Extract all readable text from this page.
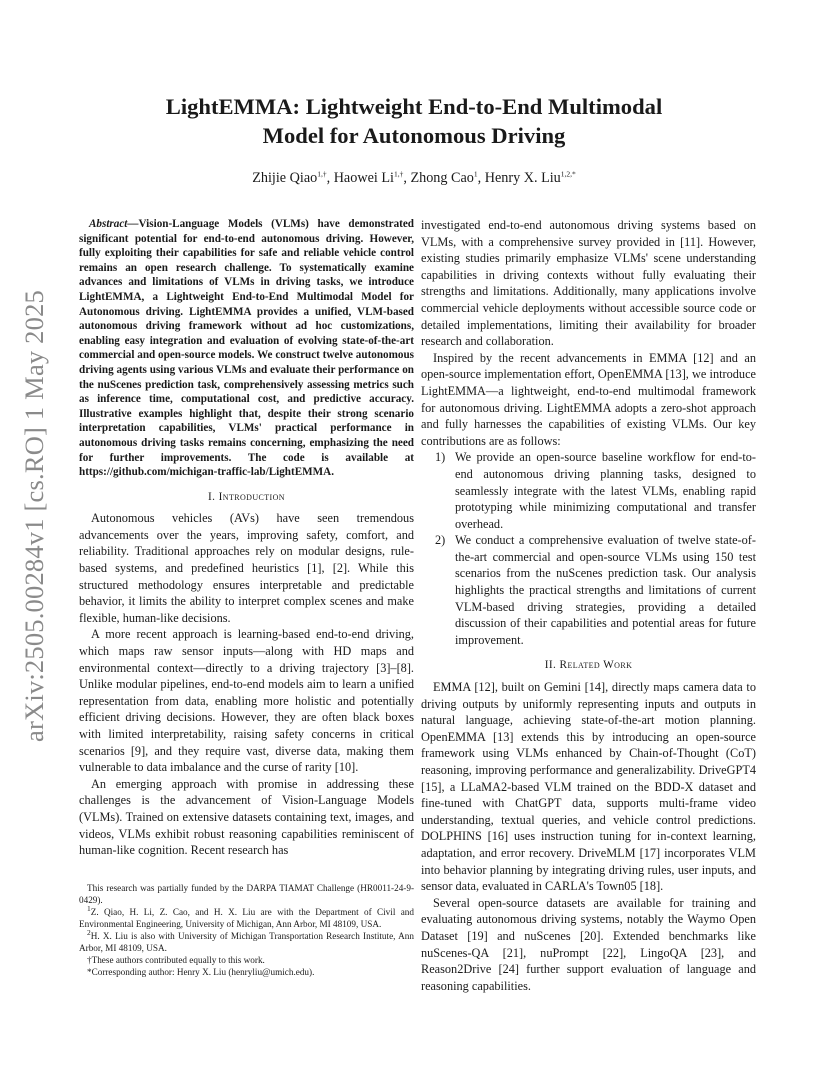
arXiv:2505.00284v1 [cs.RO] 1 May 2025
LightEMMA: Lightweight End-to-End Multimodal
Model for Autonomous Driving
Zhijie Qiao$^{1,\dagger}$, Haowei $Li^{1,\dagger}$, Zhong Cao$^1$, Henry X. Liu$^{1,2,*}$

Abstract—Vision-Language Models (VLMs) have demonstrated significant potential for end-to-end autonomous driving. However, fully exploiting their capabilities for safe and reliable vehicle control remains an open research challenge. To systematically examine advances and limitations of VLMs in driving tasks, we introduce LightEMMA, a Lightweight End-to-End Multimodal Model for Autonomous driving. LightEMMA provides a unified, VLM-based autonomous driving framework without ad hoc customizations, enabling easy integration and evaluation of evolving state-of-the-art commercial and open-source models. We construct twelve autonomous driving agents using various VLMs and evaluate their performance on the nuScenes prediction task, comprehensively assessing metrics such as inference time, computational cost, and predictive accuracy. Illustrative examples highlight that, despite their strong scenario interpretation capabilities, VLMs' practical performance in autonomous driving tasks remains concerning, emphasizing the need for further improvements. The code is available at https://github.com/michigan-traffic-lab/LightEMMA.

I. Introduction

Autonomous vehicles (AVs) have seen tremendous advancements over the years, improving safety, comfort, and reliability. Traditional approaches rely on modular designs, rule-based systems, and predefined heuristics [1], [2]. While this structured methodology ensures interpretable and predictable behavior, it limits the ability to interpret complex scenes and make flexible, human-like decisions.

A more recent approach is learning-based end-to-end driving, which maps raw sensor inputs—along with HD maps and environmental context—directly to a driving trajectory [3]–[8]. Unlike modular pipelines, end-to-end models aim to learn a unified representation from data, enabling more holistic and potentially efficient driving decisions. However, they are often black boxes with limited interpretability, raising safety concerns in critical scenarios [9], and they require vast, diverse data, making them vulnerable to data imbalance and the curse of rarity [10].

An emerging approach with promise in addressing these challenges is the advancement of Vision-Language Models (VLMs). Trained on extensive datasets containing text, images, and videos, VLMs exhibit robust reasoning capabilities reminiscent of human-like cognition. Recent research has

This research was partially funded by the DARPA TIAMAT Challenge (HR0011-24-9-0429).

$^1$Z. Qiao, H. Li, Z. Cao, and H. X. Liu are with the Department of Civil and Environmental Engineering, University of Michigan, Ann Arbor, MI 48109, USA.

$^2$H. X. Liu is also with University of Michigan Transportation Research Institute, Ann Arbor, MI 48109, USA.

†These authors contributed equally to this work.

*Corresponding author: Henry X. Liu (henryliu@umich.edu).

investigated end-to-end autonomous driving systems based on VLMs, with a comprehensive survey provided in [11]. However, existing studies primarily emphasize VLMs' scene understanding capabilities in driving contexts without fully evaluating their strengths and limitations. Additionally, many applications involve commercial vehicle deployments without accessible source code or detailed implementations, limiting their availability for broader research and collaboration.

Inspired by the recent advancements in EMMA [12] and an open-source implementation effort, OpenEMMA [13], we introduce LightEMMA—a lightweight, end-to-end multimodal framework for autonomous driving. LightEMMA adopts a zero-shot approach and fully harnesses the capabilities of existing VLMs. Our key contributions are as follows:

1) We provide an open-source baseline workflow for end-to-end autonomous driving planning tasks, designed to seamlessly integrate with the latest VLMs, enabling rapid prototyping while minimizing computational and transfer overhead.
2) We conduct a comprehensive evaluation of twelve state-of-the-art commercial and open-source VLMs using 150 test scenarios from the nuScenes prediction task. Our analysis highlights the practical strengths and limitations of current VLM-based driving strategies, providing a detailed discussion of their capabilities and potential areas for future improvement.
II. Related Work

EMMA [12], built on Gemini [14], directly maps camera data to driving outputs by uniformly representing inputs and outputs in natural language, achieving state-of-the-art motion planning. OpenEMMA [13] extends this by introducing an open-source framework using VLMs enhanced by Chain-of-Thought (CoT) reasoning, improving performance and generalizability. DriveGPT4 [15], a LLaMA2-based VLM trained on the BDD-X dataset and fine-tuned with ChatGPT data, supports multi-frame video understanding, textual queries, and vehicle control predictions. DOLPHINS [16] uses instruction tuning for in-context learning, adaptation, and error recovery. DriveMLM [17] incorporates VLM into behavior planning by integrating driving rules, user inputs, and sensor data, evaluated in CARLA's Town05 [18].

Several open-source datasets are available for training and evaluating autonomous driving systems, notably the Waymo Open Dataset [19] and nuScenes [20]. Extended benchmarks like nuScenes-QA [21], nuPrompt [22], LingoQA [23], and Reason2Drive [24] further support evaluation of language and reasoning capabilities.
